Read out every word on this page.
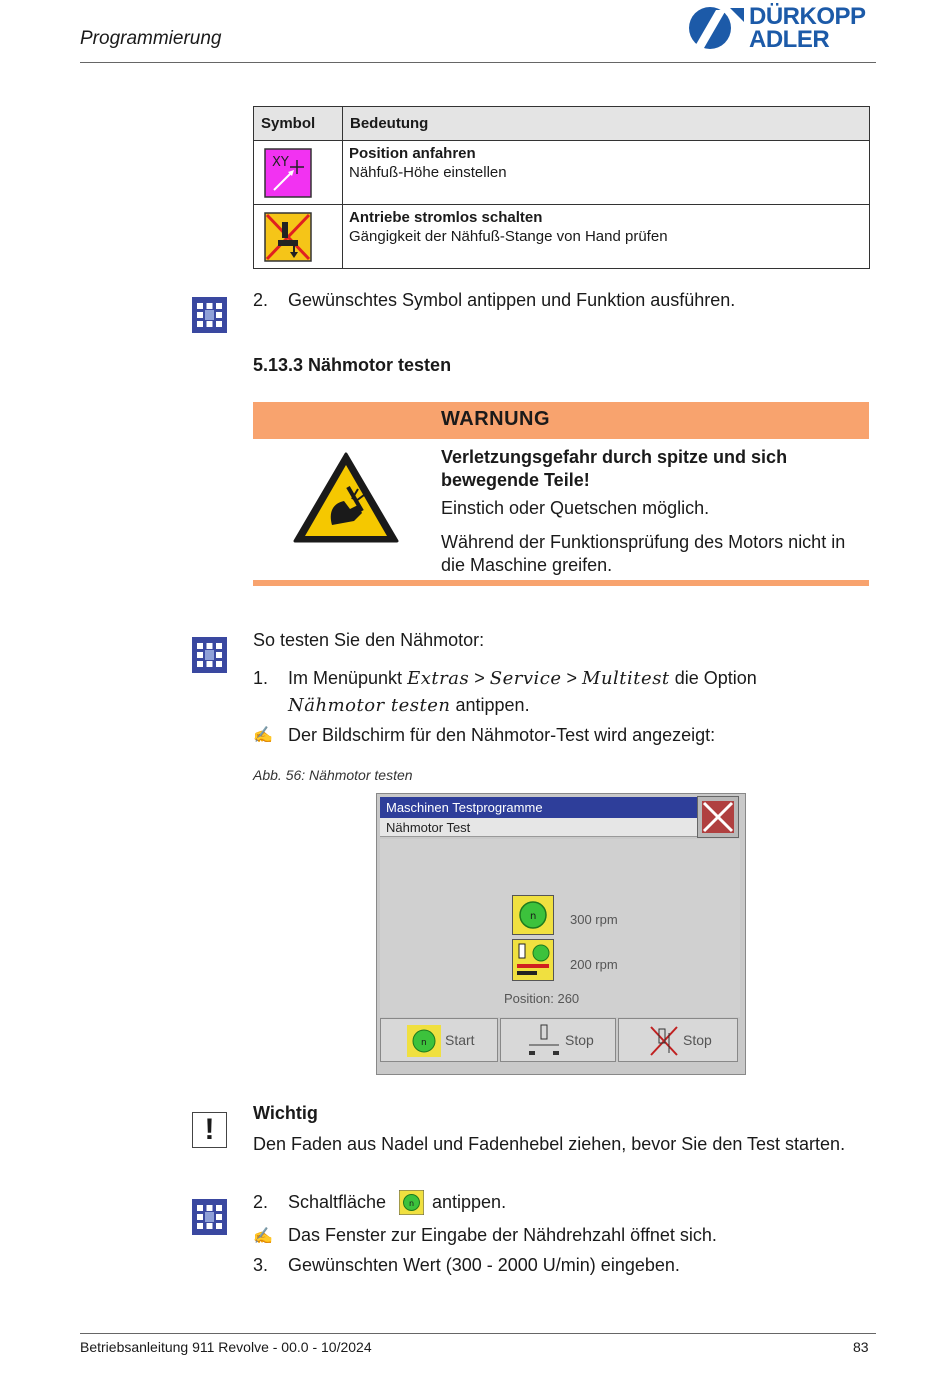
Programmierung
DÜRKOPP
ADLER
Symbol	Bedeutung

XY	Position anfahren
Nähfuß-Höhe einstellen

Antriebe stromlos schalten
Gängigkeit der Nähfuß-Stange von Hand prüfen
2. Gewünschtes Symbol antippen und Funktion ausführen.
5.13.3 Nähmotor testen
WARNUNG
Verletzungsgefahr durch spitze und sich bewegende Teile!
Einstich oder Quetschen möglich.
Während der Funktionsprüfung des Motors nicht in die Maschine greifen.
So testen Sie den Nähmotor:
1. Im Menüpunkt Extras > Service > Multitest die Option
Nähmotor testen antippen.
✍ Der Bildschirm für den Nähmotor-Test wird angezeigt:
Abb. 56: Nähmotor testen
Maschinen Testprogramme
Nähmotor Test
n	300 rpm
200 rpm
Position: 260
n Start	Stop	Stop
!	Wichtig
Den Faden aus Nadel und Fadenhebel ziehen, bevor Sie den Test starten.
2. Schaltfläche	n antippen.
✍ Das Fenster zur Eingabe der Nähdrehzahl öffnet sich.
3. Gewünschten Wert (300 - 2000 U/min) eingeben.
Betriebsanleitung 911 Revolve - 00.0 - 10/2024	83
